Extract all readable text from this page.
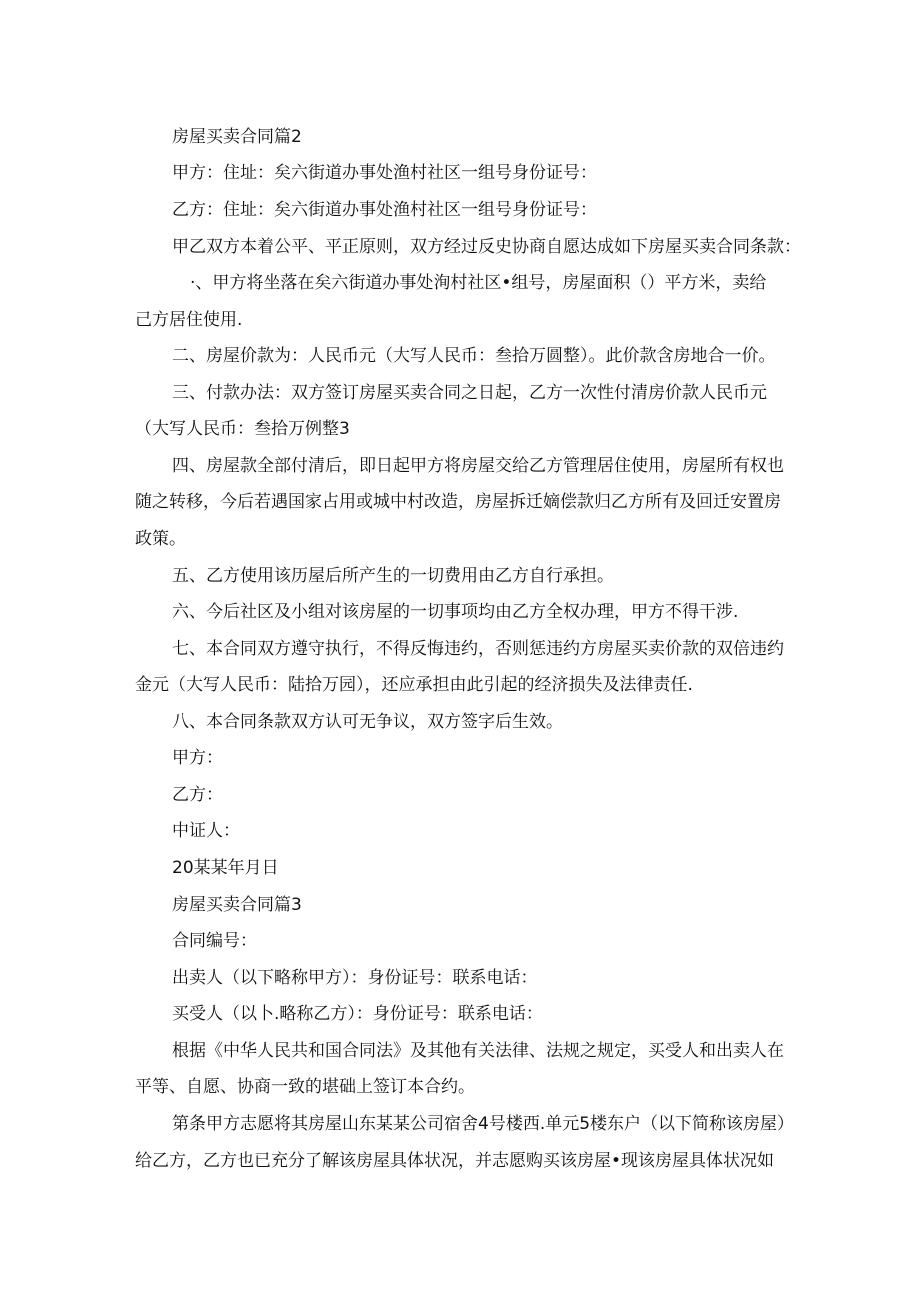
房屋买卖合同篇2
甲方：住址：矣六街道办事处渔村社区一组号身份证号：
乙方：住址：矣六街道办事处渔村社区一组号身份证号：
甲乙双方本着公平、平正原则，双方经过反史协商自愿达成如下房屋买卖合同条款：
·、甲方将坐落在矣六街道办事处洵村社区•组号，房屋面积（）平方米，卖给
己方居住使用.
二、房屋价款为：人民币元（大写人民币：叁拾万圆整）。此价款含房地合一价。
三、付款办法：双方签订房屋买卖合同之日起，乙方一次性付清房价款人民币元
（大写人民币：叁拾万例整3
四、房屋款全部付清后，即日起甲方将房屋交给乙方管理居住使用，房屋所有权也
随之转移，今后若遇国家占用或城中村改造，房屋拆迁嫡偿款归乙方所有及回迁安置房
政策。
五、乙方使用该历屋后所产生的一切费用由乙方自行承担。
六、今后社区及小组对该房屋的一切事项均由乙方全权办理，甲方不得干涉.
七、本合同双方遵守执行，不得反悔违约，否则惩违约方房屋买卖价款的双倍违约
金元（大写人民币：陆拾万园），还应承担由此引起的经济损失及法律责任.
八、本合同条款双方认可无争议，双方签字后生效。
甲方：
乙方：
中证人：
20某某年月日
房屋买卖合同篇3
合同编号：
出卖人（以下略称甲方）：身份证号：联系电话：
买受人（以卜.略称乙方）：身份证号：联系电话：
根据《中华人民共和国合同法》及其他有关法律、法规之规定，买受人和出卖人在
平等、自愿、协商一致的堪础上签订本合约。
第条甲方志愿将其房屋山东某某公司宿舍4号楼西.单元5楼东户（以下简称该房屋）
给乙方，乙方也已充分了解该房屋具体状况，并志愿购买该房屋•现该房屋具体状况如
